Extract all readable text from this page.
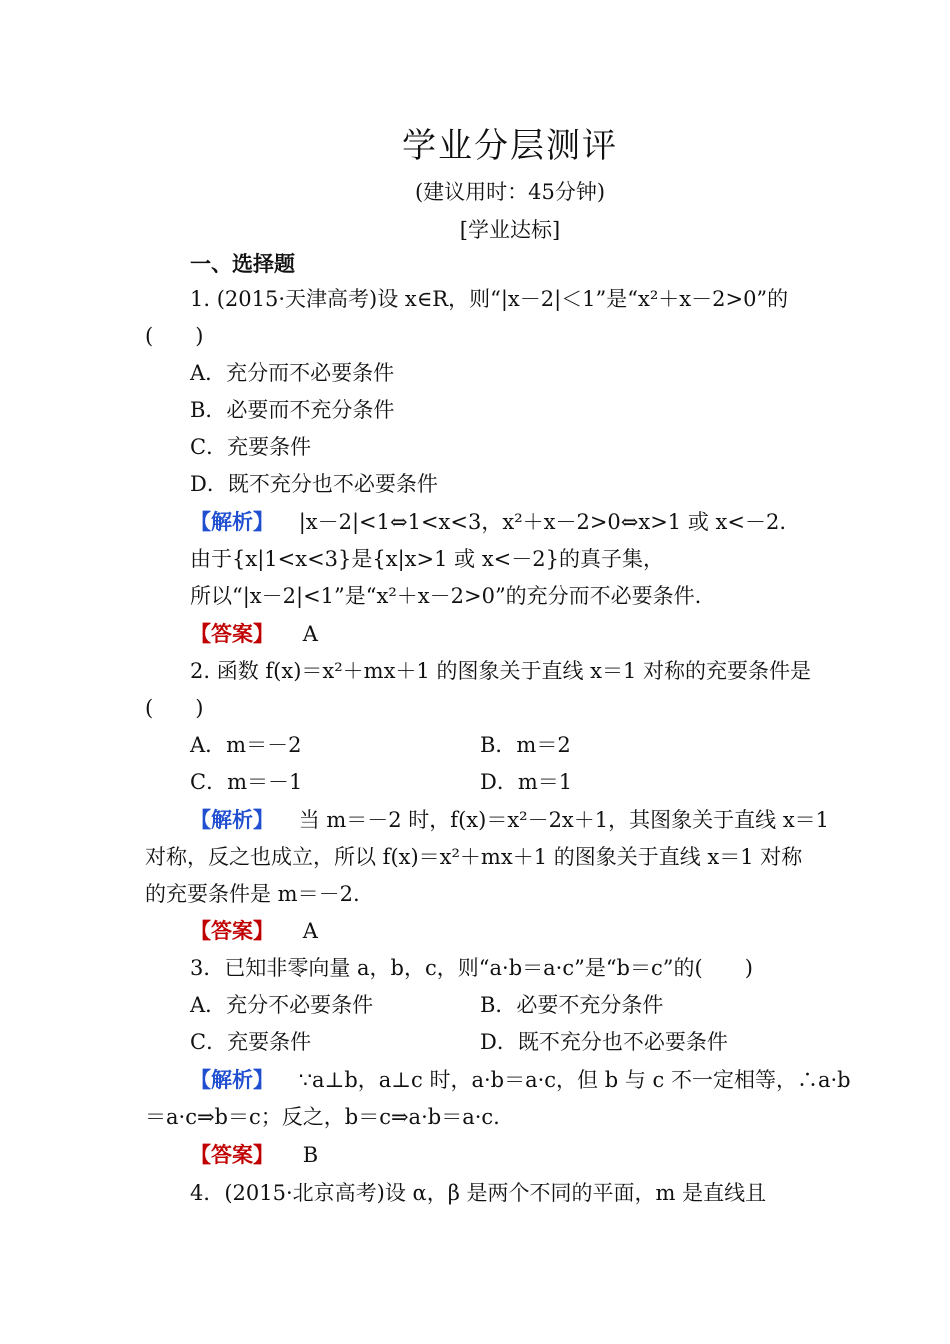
学业分层测评
(建议用时：45分钟)
[学业达标]
一、选择题
1. (2015·天津高考)设 x∈R，则“|x－2|＜1”是“x²＋x－2>0”的
(　　)
A．充分而不必要条件
B．必要而不充分条件
C．充要条件
D．既不充分也不必要条件
【解析】 |x－2|<1⇔1<x<3，x²＋x－2>0⇔x>1 或 x<－2.
由于{x|1<x<3}是{x|x>1 或 x<－2}的真子集，
所以“|x－2|<1”是“x²＋x－2>0”的充分而不必要条件.
【答案】 A
2. 函数 f(x)＝x²＋mx＋1 的图象关于直线 x＝1 对称的充要条件是
(　　)
A．m＝－2	B．m＝2
C．m＝－1	D．m＝1
【解析】 当 m＝－2 时，f(x)＝x²－2x＋1，其图象关于直线 x＝1
对称，反之也成立，所以 f(x)＝x²＋mx＋1 的图象关于直线 x＝1 对称
的充要条件是 m＝－2.
【答案】 A
3．已知非零向量 a，b，c，则“a·b＝a·c”是“b＝c”的(　　)
A．充分不必要条件	B．必要不充分条件
C．充要条件	D．既不充分也不必要条件
【解析】 ∵a⊥b，a⊥c 时，a·b＝a·c，但 b 与 c 不一定相等，∴a·b
＝a·c⇒b＝c；反之，b＝c⇒a·b＝a·c.
【答案】 B
4．(2015·北京高考)设 α，β 是两个不同的平面，m 是直线且
